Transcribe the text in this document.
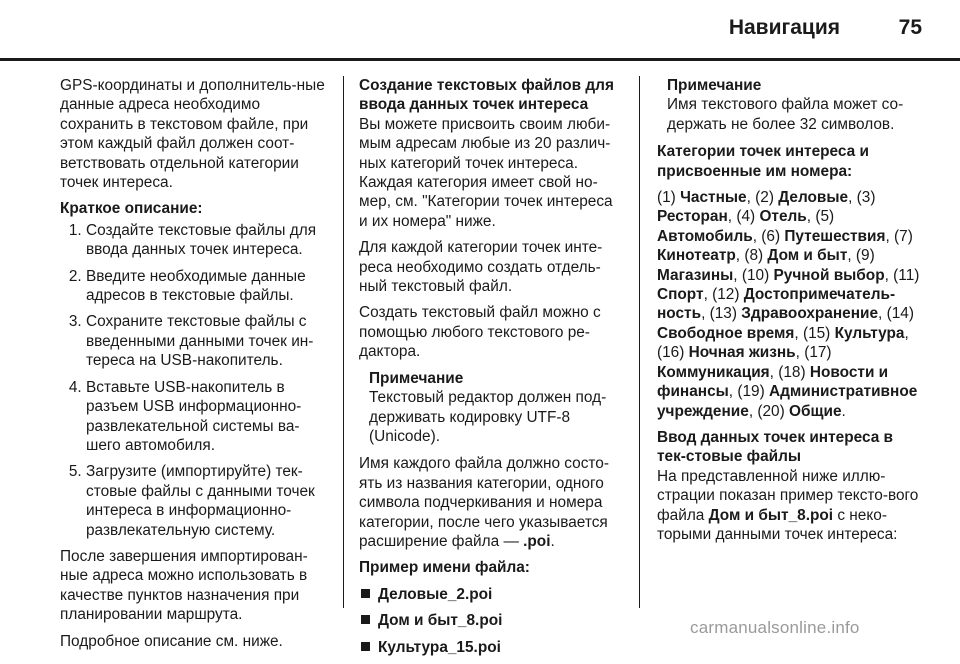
Навигация	75

GPS-координаты и дополнитель-ные данные адреса необходимо сохранить в текстовом файле, при этом каждый файл должен соот-ветствовать отдельной категории точек интереса.

Краткое описание:

1. Создайте текстовые файлы для ввода данных точек интереса.
2. Введите необходимые данные адресов в текстовые файлы.
3. Сохраните текстовые файлы с введенными данными точек ин-тереса на USB-накопитель.
4. Вставьте USB-накопитель в разъем USB информационно-развлекательной системы ва-шего автомобиля.
5. Загрузите (импортируйте) тек-стовые файлы с данными точек интереса в информационно-развлекательную систему.

После завершения импортирован-ные адреса можно использовать в качестве пунктов назначения при планировании маршрута.

Подробное описание см. ниже.

Создание текстовых файлов для ввода данных точек интереса

Вы можете присвоить своим люби-мым адресам любые из 20 различ-ных категорий точек интереса. Каждая категория имеет свой но-мер, см. "Категории точек интереса и их номера" ниже.

Для каждой категории точек инте-реса необходимо создать отдель-ный текстовый файл.

Создать текстовый файл можно с помощью любого текстового ре-дактора.

Примечание
Текстовый редактор должен под-держивать кодировку UTF-8 (Unicode).

Имя каждого файла должно состо-ять из названия категории, одного символа подчеркивания и номера категории, после чего указывается расширение файла — .poi.

Пример имени файла:

Деловые_2.poi
Дом и быт_8.poi
Культура_15.poi
Примечание
Имя текстового файла может со-держать не более 32 символов.

Категории точек интереса и присвоенные им номера:

(1) Частные, (2) Деловые, (3) Ресторан, (4) Отель, (5) Автомобиль, (6) Путешествия, (7) Кинотеатр, (8) Дом и быт, (9) Магазины, (10) Ручной выбор, (11) Спорт, (12) Достопримечатель-ность, (13) Здравоохранение, (14) Свободное время, (15) Культура, (16) Ночная жизнь, (17) Коммуникация, (18) Новости и финансы, (19) Административное учреждение, (20) Общие.

Ввод данных точек интереса в тек-стовые файлы

На представленной ниже иллю-страции показан пример тексто-вого файла Дом и быт_8.poi с неко-торыми данными точек интереса:

carmanualsonline.info
